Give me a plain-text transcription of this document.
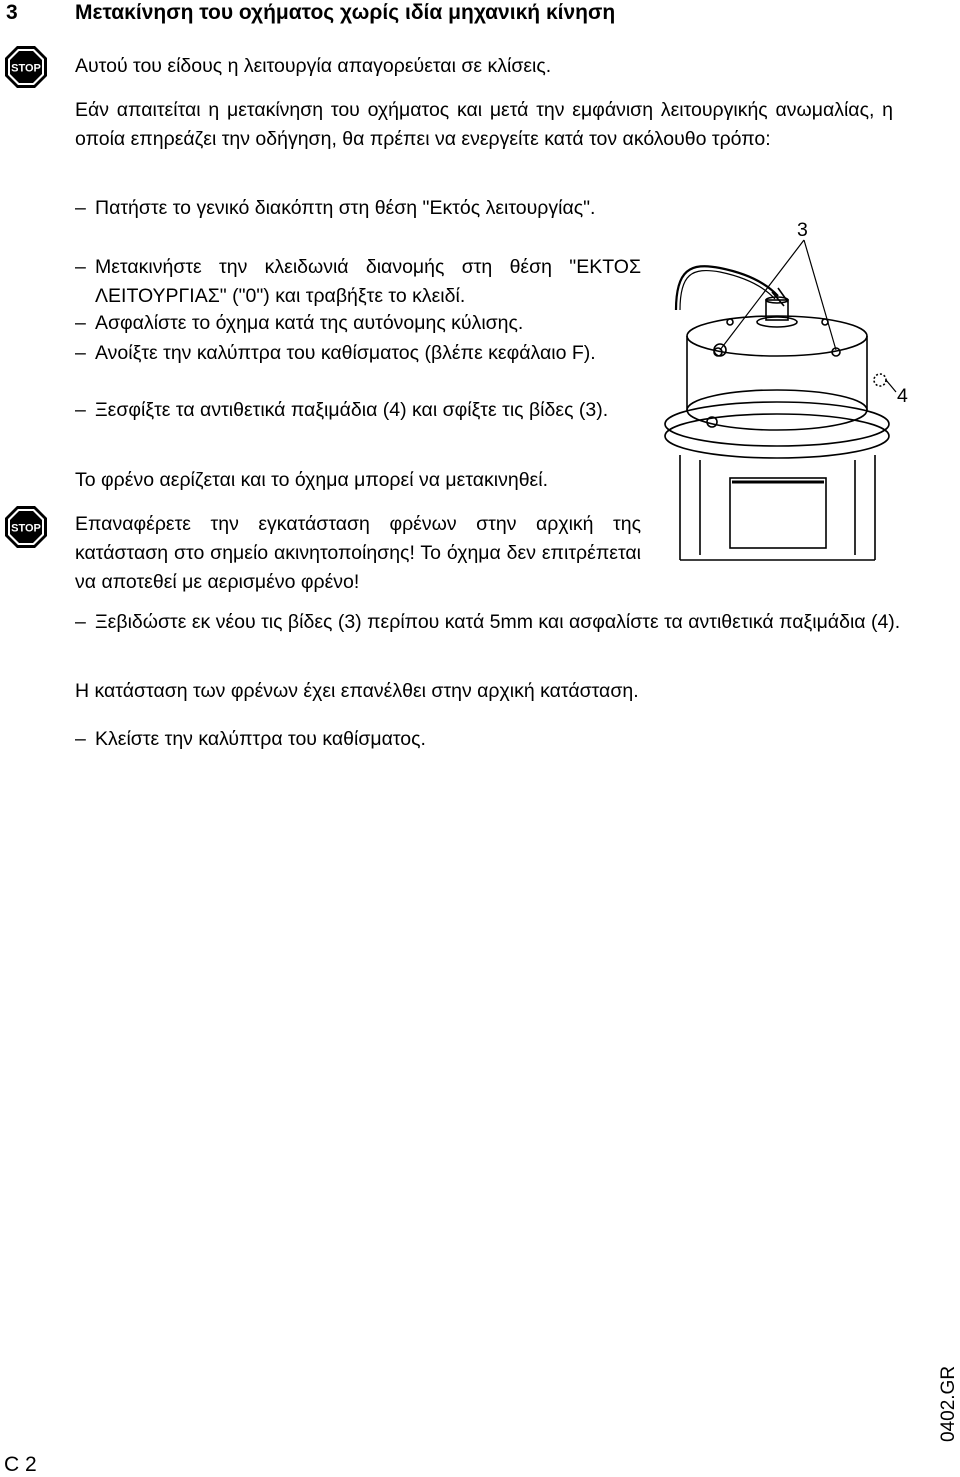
3	Μετακίνηση του οχήματος χωρίς ιδία μηχανική κίνηση
STOP Αυτού του είδους η λειτουργία απαγορεύεται σε κλίσεις.
Εάν απαιτείται η μετακίνηση του οχήματος και μετά την εμφάνιση λειτουργικής ανωμαλίας, η οποία επηρεάζει την οδήγηση, θα πρέπει να ενεργείτε κατά τον ακόλουθο τρόπο:
– Πατήστε το γενικό διακόπτη στη θέση "Εκτός λειτουργίας".
– Μετακινήστε την κλειδωνιά διανομής στη θέση "ΕΚΤΟΣ ΛΕΙΤΟΥΡΓΙΑΣ" ("0") και τραβήξτε το κλειδί.
– Ασφαλίστε το όχημα κατά της αυτόνομης κύλισης.
– Ανοίξτε την καλύπτρα του καθίσματος (βλέπε κεφάλαιο F).
– Ξεσφίξτε τα αντιθετικά παξιμάδια (4) και σφίξτε τις βίδες (3).
Το φρένο αερίζεται και το όχημα μπορεί να μετακινηθεί.
STOP Επαναφέρετε την εγκατάσταση φρένων στην αρχική της κατάσταση στο σημείο ακινητοποίησης! Το όχημα δεν επιτρέπεται να αποτεθεί με αερισμένο φρένο!
3
4
– Ξεβιδώστε εκ νέου τις βίδες (3) περίπου κατά 5mm και ασφαλίστε τα αντιθετικά παξιμάδια (4).
Η κατάσταση των φρένων έχει επανέλθει στην αρχική κατάσταση.
– Κλείστε την καλύπτρα του καθίσματος.
C 2
0402.GR
